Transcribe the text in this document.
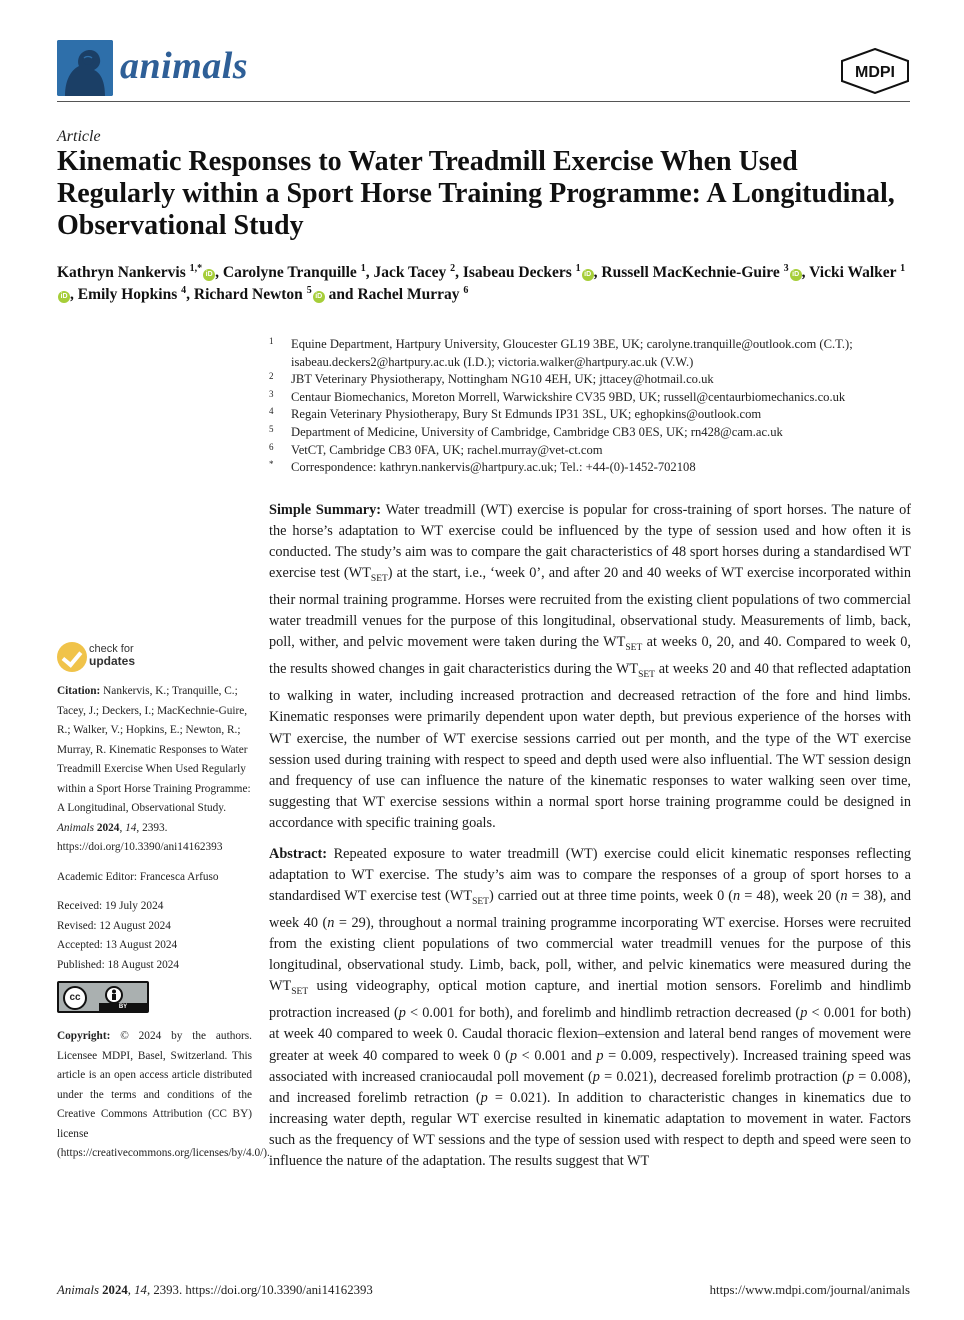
animals	MDPI
Article
Kinematic Responses to Water Treadmill Exercise When Used Regularly within a Sport Horse Training Programme: A Longitudinal, Observational Study
Kathryn Nankervis $^{1,*}$iD , Carolyne Tranquille $^1$, Jack Tacey $^2$, Isabeau Deckers $^1$iD , Russell MacKechnie-Guire $^3$iD , Vicki Walker $^1$iD , Emily Hopkins $^4$, Richard Newton $^5$iD and Rachel Murray $^6$
1 Equine Department, Hartpury University, Gloucester GL19 3BE, UK; carolyne.tranquille@outlook.com (C.T.); isabeau.deckers2@hartpury.ac.uk (I.D.); victoria.walker@hartpury.ac.uk (V.W.)
2 JBT Veterinary Physiotherapy, Nottingham NG10 4EH, UK; jttacey@hotmail.co.uk
3 Centaur Biomechanics, Moreton Morrell, Warwickshire CV35 9BD, UK; russell@centaurbiomechanics.co.uk
4 Regain Veterinary Physiotherapy, Bury St Edmunds IP31 3SL, UK; eghopkins@outlook.com
5 Department of Medicine, University of Cambridge, Cambridge CB3 0ES, UK; rn428@cam.ac.uk
6 VetCT, Cambridge CB3 0FA, UK; rachel.murray@vet-ct.com
* Correspondence: kathryn.nankervis@hartpury.ac.uk; Tel.: +44-(0)-1452-702108
check for
updates
Citation: Nankervis, K.; Tranquille, C.; Tacey, J.; Deckers, I.; MacKechnie-Guire, R.; Walker, V.; Hopkins, E.; Newton, R.; Murray, R. Kinematic Responses to Water Treadmill Exercise When Used Regularly within a Sport Horse Training Programme: A Longitudinal, Observational Study. Animals 2024, 14, 2393. https://doi.org/10.3390/ani14162393
Academic Editor: Francesca Arfuso
Received: 19 July 2024
Revised: 12 August 2024
Accepted: 13 August 2024
Published: 18 August 2024
cc
BY
Copyright: © 2024 by the authors. Licensee MDPI, Basel, Switzerland. This article is an open access article distributed under the terms and conditions of the Creative Commons Attribution (CC BY) license (https://creativecommons.org/licenses/by/4.0/).

Simple Summary: Water treadmill (WT) exercise is popular for cross-training of sport horses. The nature of the horse’s adaptation to WT exercise could be influenced by the type of session used and how often it is conducted. The study’s aim was to compare the gait characteristics of 48 sport horses during a standardised WT exercise test $(WT_{SET})$ at the start, i.e., ‘week 0’, and after 20 and 40 weeks of WT exercise incorporated within their normal training programme. Horses were recruited from the existing client populations of two commercial water treadmill venues for the purpose of this longitudinal, observational study. Measurements of limb, back, poll, wither, and pelvic movement were taken during the $WT_{SET}$ at weeks 0, 20, and 40. Compared to week 0, the results showed changes in gait characteristics during the $WT_{SET}$ at weeks 20 and 40 that reflected adaptation to walking in water, including increased protraction and decreased retraction of the fore and hind limbs. Kinematic responses were primarily dependent upon water depth, but previous experience of the horses with WT exercise, the number of WT exercise sessions carried out per month, and the type of the WT exercise session used during training with respect to speed and depth used were also influential. The WT session design and frequency of use can influence the nature of the kinematic responses to water walking seen over time, suggesting that WT exercise sessions within a normal sport horse training programme could be designed in accordance with specific training goals.

Abstract: Repeated exposure to water treadmill (WT) exercise could elicit kinematic responses reflecting adaptation to WT exercise. The study’s aim was to compare the responses of a group of sport horses to a standardised WT exercise test $(WT_{SET})$ carried out at three time points, week 0 (n = 48), week 20 (n = 38), and week 40 (n = 29), throughout a normal training programme incorporating WT exercise. Horses were recruited from the existing client populations of two commercial water treadmill venues for the purpose of this longitudinal, observational study. Limb, back, poll, wither, and pelvic kinematics were measured during the $WT_{SET}$ using videography, optical motion capture, and inertial motion sensors. Forelimb and hindlimb protraction increased (p < 0.001 for both), and forelimb and hindlimb retraction decreased (p < 0.001 for both) at week 40 compared to week 0. Caudal thoracic flexion–extension and lateral bend ranges of movement were greater at week 40 compared to week 0 (p < 0.001 and p = 0.009, respectively). Increased training speed was associated with increased craniocaudal poll movement (p = 0.021), decreased forelimb protraction (p = 0.008), and increased forelimb retraction (p = 0.021). In addition to characteristic changes in kinematics due to increasing water depth, regular WT exercise resulted in kinematic adaptation to movement in water. Factors such as the frequency of WT sessions and the type of session used with respect to depth and speed were seen to influence the nature of the adaptation. The results suggest that WT

Animals 2024, 14, 2393. https://doi.org/10.3390/ani14162393	https://www.mdpi.com/journal/animals
